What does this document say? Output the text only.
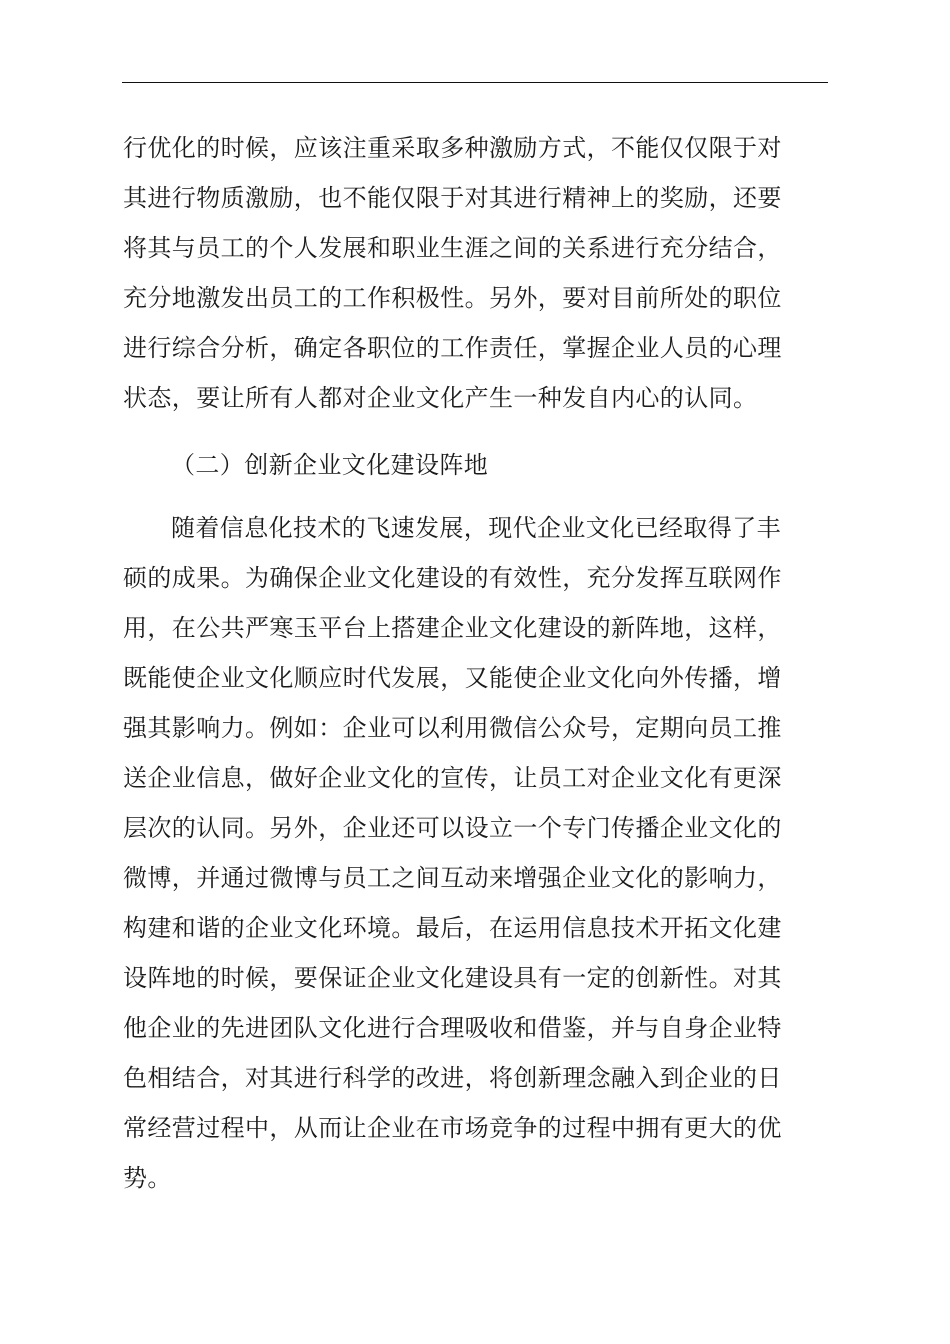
行优化的时候，应该注重采取多种激励方式，不能仅仅限于对
其进行物质激励，也不能仅限于对其进行精神上的奖励，还要
将其与员工的个人发展和职业生涯之间的关系进行充分结合，
充分地激发出员工的工作积极性。另外，要对目前所处的职位
进行综合分析，确定各职位的工作责任，掌握企业人员的心理
状态，要让所有人都对企业文化产生一种发自内心的认同。
（二）创新企业文化建设阵地
随着信息化技术的飞速发展，现代企业文化已经取得了丰
硕的成果。为确保企业文化建设的有效性，充分发挥互联网作
用，在公共严寒玉平台上搭建企业文化建设的新阵地，这样，
既能使企业文化顺应时代发展，又能使企业文化向外传播，增
强其影响力。例如：企业可以利用微信公众号，定期向员工推
送企业信息，做好企业文化的宣传，让员工对企业文化有更深
层次的认同。另外，企业还可以设立一个专门传播企业文化的
微博，并通过微博与员工之间互动来增强企业文化的影响力，
构建和谐的企业文化环境。最后，在运用信息技术开拓文化建
设阵地的时候，要保证企业文化建设具有一定的创新性。对其
他企业的先进团队文化进行合理吸收和借鉴，并与自身企业特
色相结合，对其进行科学的改进，将创新理念融入到企业的日
常经营过程中，从而让企业在市场竞争的过程中拥有更大的优
势。
